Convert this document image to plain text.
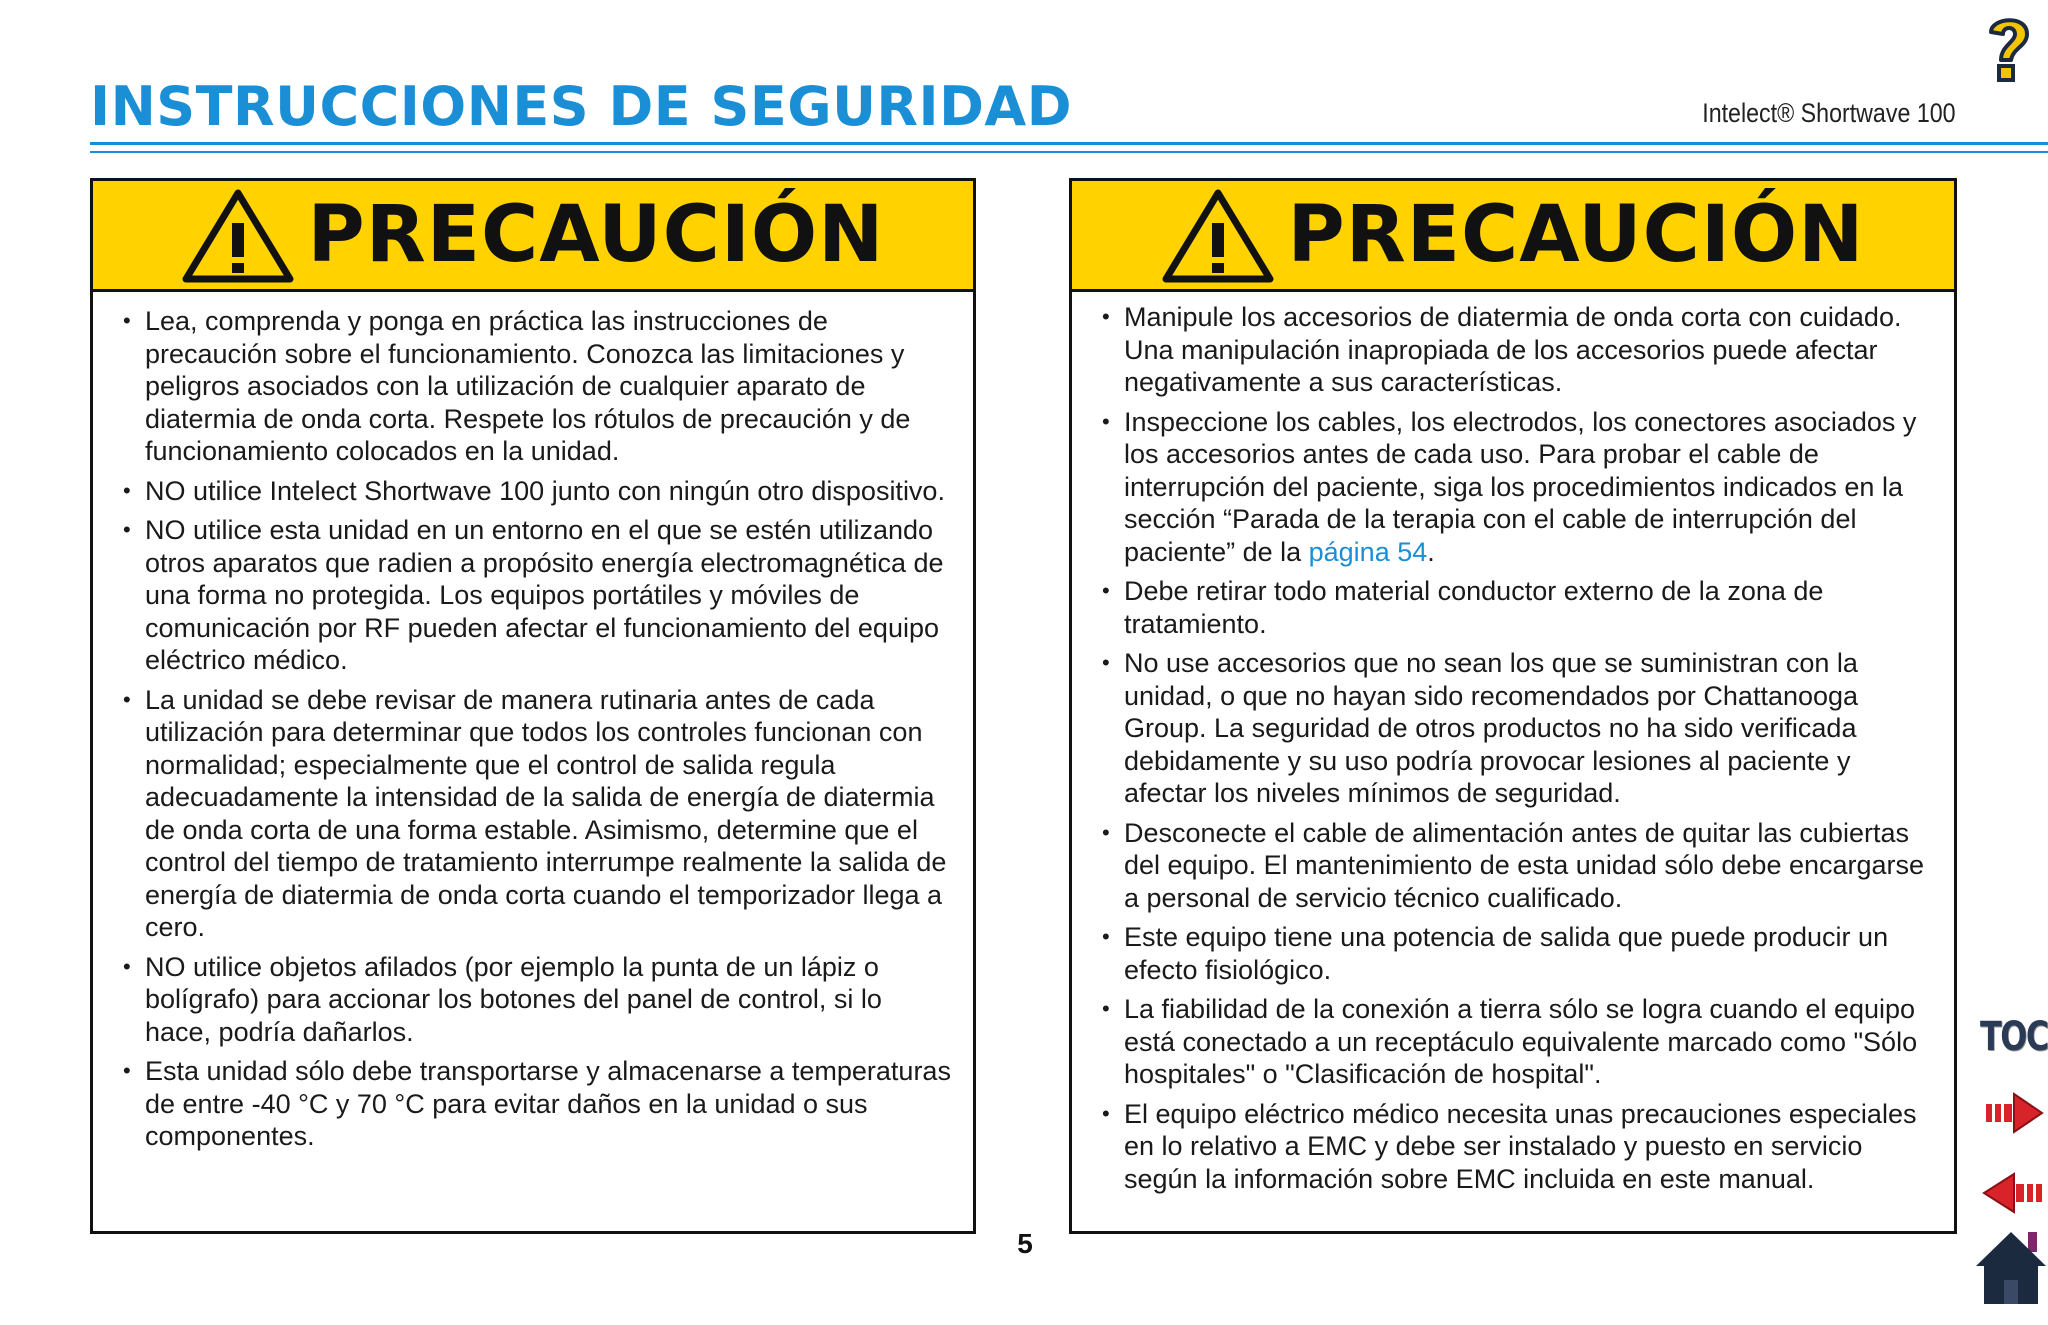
INSTRUCCIONES DE SEGURIDAD	Intelect® Shortwave 100
PRECAUCIÓN
• Lea, comprenda y ponga en práctica las instrucciones de precaución sobre el funcionamiento. Conozca las limitaciones y peligros asociados con la utilización de cualquier aparato de diatermia de onda corta. Respete los rótulos de precaución y de funcionamiento colocados en la unidad.
• NO utilice Intelect Shortwave 100 junto con ningún otro dispositivo.
• NO utilice esta unidad en un entorno en el que se estén utilizando otros aparatos que radien a propósito energía electromagnética de una forma no protegida. Los equipos portátiles y móviles de comunicación por RF pueden afectar el funcionamiento del equipo eléctrico médico.
• La unidad se debe revisar de manera rutinaria antes de cada utilización para determinar que todos los controles funcionan con normalidad; especialmente que el control de salida regula adecuadamente la intensidad de la salida de energía de diatermia de onda corta de una forma estable. Asimismo, determine que el control del tiempo de tratamiento interrumpe realmente la salida de energía de diatermia de onda corta cuando el temporizador llega a cero.
• NO utilice objetos afilados (por ejemplo la punta de un lápiz o bolígrafo) para accionar los botones del panel de control, si lo hace, podría dañarlos.
• Esta unidad sólo debe transportarse y almacenarse a temperaturas de entre -40 °C y 70 °C para evitar daños en la unidad o sus componentes.
PRECAUCIÓN
• Manipule los accesorios de diatermia de onda corta con cuidado. Una manipulación inapropiada de los accesorios puede afectar negativamente a sus características.
• Inspeccione los cables, los electrodos, los conectores asociados y los accesorios antes de cada uso. Para probar el cable de interrupción del paciente, siga los procedimientos indicados en la sección “Parada de la terapia con el cable de interrupción del paciente” de la página 54.
• Debe retirar todo material conductor externo de la zona de tratamiento.
• No use accesorios que no sean los que se suministran con la unidad, o que no hayan sido recomendados por Chattanooga Group. La seguridad de otros productos no ha sido verificada debidamente y su uso podría provocar lesiones al paciente y afectar los niveles mínimos de seguridad.
• Desconecte el cable de alimentación antes de quitar las cubiertas del equipo. El mantenimiento de esta unidad sólo debe encargarse a personal de servicio técnico cualificado.
• Este equipo tiene una potencia de salida que puede producir un efecto fisiológico.
• La fiabilidad de la conexión a tierra sólo se logra cuando el equipo está conectado a un receptáculo equivalente marcado como "Sólo hospitales" o "Clasificación de hospital".
• El equipo eléctrico médico necesita unas precauciones especiales en lo relativo a EMC y debe ser instalado y puesto en servicio según la información sobre EMC incluida en este manual.
5
TOC
